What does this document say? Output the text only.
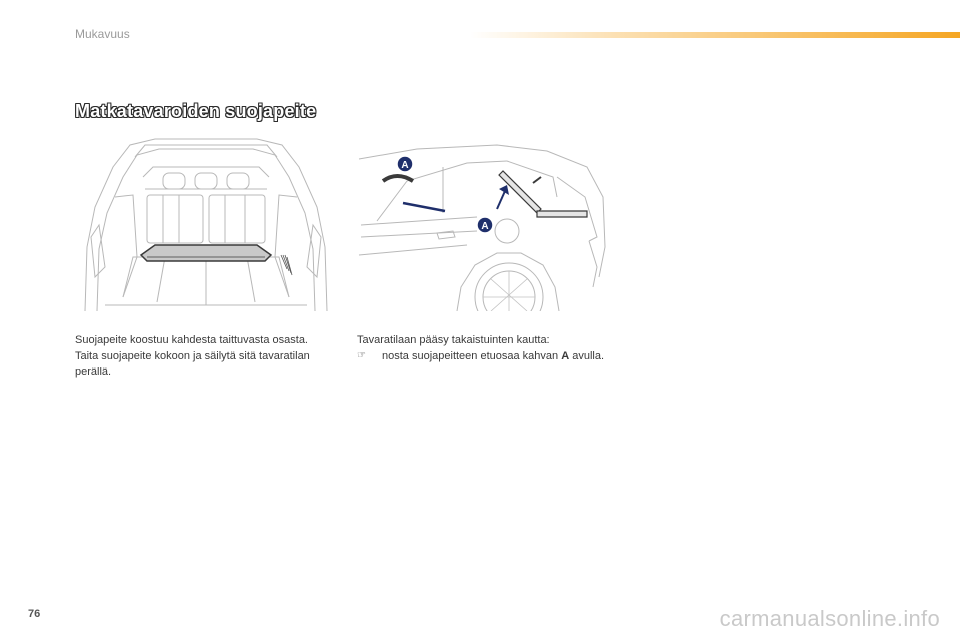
Mukavuus
Matkatavaroiden suojapeite
A
A

Suojapeite koostuu kahdesta taittuvasta osasta.

Taita suojapeite kokoon ja säilytä sitä tavaratilan perällä.

Tavaratilaan pääsy takaistuinten kautta:

☞	nosta suojapeitteen etuosaa kahvan A avulla.
76	carmanualsonline.info
